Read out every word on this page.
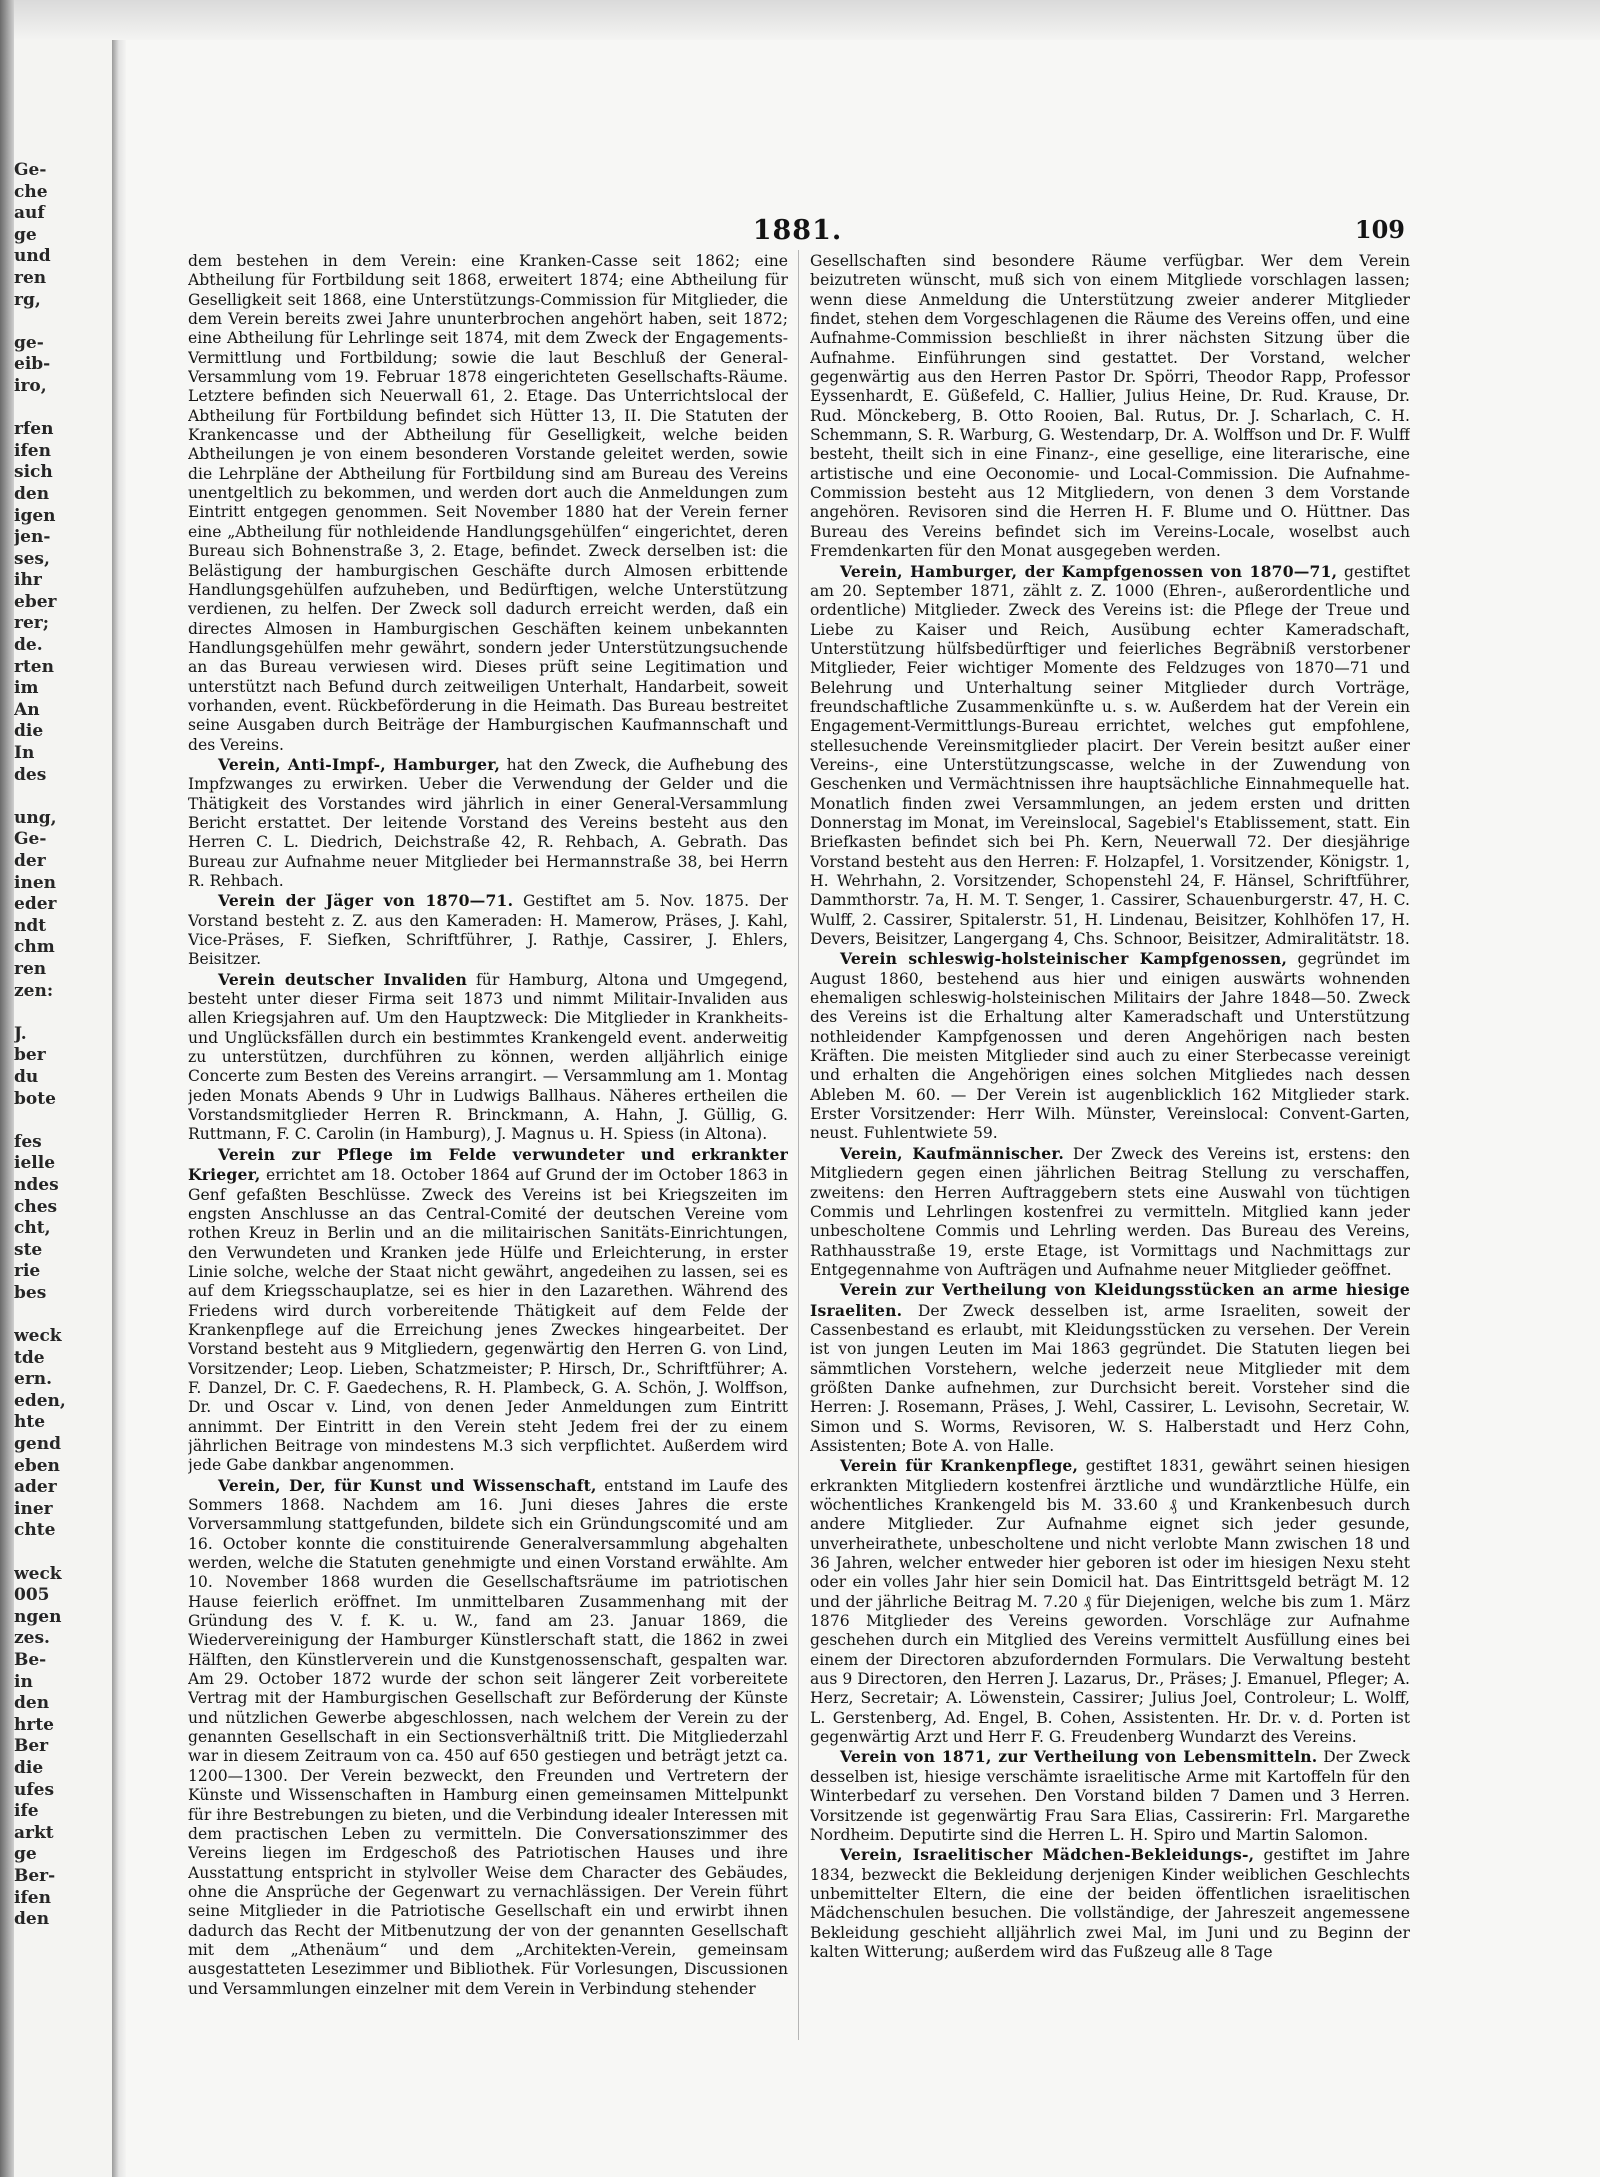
Ge-
che
auf
ge
und
ren
rg,

ge-
eib-
iro,

rfen
ifen
sich
den
igen
jen-
ses,
ihr
eber
rer;
de.
rten
im
An
die
In
des

ung,
Ge-
der
inen
eder
ndt
chm
ren
zen:

J.
ber
du
bote

fes
ielle
ndes
ches
cht,
ste
rie
bes

weck
tde
ern.
eden,
hte
gend
eben
ader
iner
chte

weck
005
ngen
zes.
Be-
in
den
hrte
Ber
die
ufes
ife
arkt
ge
Ber-
ifen
den
1881.	109

dem bestehen in dem Verein: eine Kranken-Casse seit 1862; eine Abtheilung für Fortbildung seit 1868, erweitert 1874; eine Abtheilung für Geselligkeit seit 1868, eine Unterstützungs-Commission für Mitglieder, die dem Verein bereits zwei Jahre ununterbrochen angehört haben, seit 1872; eine Abtheilung für Lehrlinge seit 1874, mit dem Zweck der Engagements-Vermittlung und Fortbildung; sowie die laut Beschluß der General-Versammlung vom 19. Februar 1878 eingerichteten Gesellschafts-Räume. Letztere befinden sich Neuerwall 61, 2. Etage. Das Unterrichtslocal der Abtheilung für Fortbildung befindet sich Hütter 13, II. Die Statuten der Krankencasse und der Abtheilung für Geselligkeit, welche beiden Abtheilungen je von einem besonderen Vorstande geleitet werden, sowie die Lehrpläne der Abtheilung für Fortbildung sind am Bureau des Vereins unentgeltlich zu bekommen, und werden dort auch die Anmeldungen zum Eintritt entgegen genommen. Seit November 1880 hat der Verein ferner eine „Abtheilung für nothleidende Handlungsgehülfen“ eingerichtet, deren Bureau sich Bohnenstraße 3, 2. Etage, befindet. Zweck derselben ist: die Belästigung der hamburgischen Geschäfte durch Almosen erbittende Handlungsgehülfen aufzuheben, und Bedürftigen, welche Unterstützung verdienen, zu helfen. Der Zweck soll dadurch erreicht werden, daß ein directes Almosen in Hamburgischen Geschäften keinem unbekannten Handlungsgehülfen mehr gewährt, sondern jeder Unterstützungsuchende an das Bureau verwiesen wird. Dieses prüft seine Legitimation und unterstützt nach Befund durch zeitweiligen Unterhalt, Handarbeit, soweit vorhanden, event. Rückbeförderung in die Heimath. Das Bureau bestreitet seine Ausgaben durch Beiträge der Hamburgischen Kaufmannschaft und des Vereins.

Verein, Anti-Impf-, Hamburger, hat den Zweck, die Aufhebung des Impfzwanges zu erwirken. Ueber die Verwendung der Gelder und die Thätigkeit des Vorstandes wird jährlich in einer General-Versammlung Bericht erstattet. Der leitende Vorstand des Vereins besteht aus den Herren C. L. Diedrich, Deichstraße 42, R. Rehbach, A. Gebrath. Das Bureau zur Aufnahme neuer Mitglieder bei Hermannstraße 38, bei Herrn R. Rehbach.

Verein der Jäger von 1870—71. Gestiftet am 5. Nov. 1875. Der Vorstand besteht z. Z. aus den Kameraden: H. Mamerow, Präses, J. Kahl, Vice-Präses, F. Siefken, Schriftführer, J. Rathje, Cassirer, J. Ehlers, Beisitzer.

Verein deutscher Invaliden für Hamburg, Altona und Umgegend, besteht unter dieser Firma seit 1873 und nimmt Militair-Invaliden aus allen Kriegsjahren auf. Um den Hauptzweck: Die Mitglieder in Krankheits- und Unglücksfällen durch ein bestimmtes Krankengeld event. anderweitig zu unterstützen, durchführen zu können, werden alljährlich einige Concerte zum Besten des Vereins arrangirt. — Versammlung am 1. Montag jeden Monats Abends 9 Uhr in Ludwigs Ballhaus. Näheres ertheilen die Vorstandsmitglieder Herren R. Brinckmann, A. Hahn, J. Güllig, G. Ruttmann, F. C. Carolin (in Hamburg), J. Magnus u. H. Spiess (in Altona).

Verein zur Pflege im Felde verwundeter und erkrankter Krieger, errichtet am 18. October 1864 auf Grund der im October 1863 in Genf gefaßten Beschlüsse. Zweck des Vereins ist bei Kriegszeiten im engsten Anschlusse an das Central-Comité der deutschen Vereine vom rothen Kreuz in Berlin und an die militairischen Sanitäts-Einrichtungen, den Verwundeten und Kranken jede Hülfe und Erleichterung, in erster Linie solche, welche der Staat nicht gewährt, angedeihen zu lassen, sei es auf dem Kriegsschauplatze, sei es hier in den Lazarethen. Während des Friedens wird durch vorbereitende Thätigkeit auf dem Felde der Krankenpflege auf die Erreichung jenes Zweckes hingearbeitet. Der Vorstand besteht aus 9 Mitgliedern, gegenwärtig den Herren G. von Lind, Vorsitzender; Leop. Lieben, Schatzmeister; P. Hirsch, Dr., Schriftführer; A. F. Danzel, Dr. C. F. Gaedechens, R. H. Plambeck, G. A. Schön, J. Wolffson, Dr. und Oscar v. Lind, von denen Jeder Anmeldungen zum Eintritt annimmt. Der Eintritt in den Verein steht Jedem frei der zu einem jährlichen Beitrage von mindestens M.3 sich verpflichtet. Außerdem wird jede Gabe dankbar angenommen.

Verein, Der, für Kunst und Wissenschaft, entstand im Laufe des Sommers 1868. Nachdem am 16. Juni dieses Jahres die erste Vorversammlung stattgefunden, bildete sich ein Gründungscomité und am 16. October konnte die constituirende Generalversammlung abgehalten werden, welche die Statuten genehmigte und einen Vorstand erwählte. Am 10. November 1868 wurden die Gesellschaftsräume im patriotischen Hause feierlich eröffnet. Im unmittelbaren Zusammenhang mit der Gründung des V. f. K. u. W., fand am 23. Januar 1869, die Wiedervereinigung der Hamburger Künstlerschaft statt, die 1862 in zwei Hälften, den Künstlerverein und die Kunstgenossenschaft, gespalten war. Am 29. October 1872 wurde der schon seit längerer Zeit vorbereitete Vertrag mit der Hamburgischen Gesellschaft zur Beförderung der Künste und nützlichen Gewerbe abgeschlossen, nach welchem der Verein zu der genannten Gesellschaft in ein Sectionsverhältniß tritt. Die Mitgliederzahl war in diesem Zeitraum von ca. 450 auf 650 gestiegen und beträgt jetzt ca. 1200—1300. Der Verein bezweckt, den Freunden und Vertretern der Künste und Wissenschaften in Hamburg einen gemeinsamen Mittelpunkt für ihre Bestrebungen zu bieten, und die Verbindung idealer Interessen mit dem practischen Leben zu vermitteln. Die Conversationszimmer des Vereins liegen im Erdgeschoß des Patriotischen Hauses und ihre Ausstattung entspricht in stylvoller Weise dem Character des Gebäudes, ohne die Ansprüche der Gegenwart zu vernachlässigen. Der Verein führt seine Mitglieder in die Patriotische Gesellschaft ein und erwirbt ihnen dadurch das Recht der Mitbenutzung der von der genannten Gesellschaft mit dem „Athenäum“ und dem „Architekten-Verein, gemeinsam ausgestatteten Lesezimmer und Bibliothek. Für Vorlesungen, Discussionen und Versammlungen einzelner mit dem Verein in Verbindung stehender

Gesellschaften sind besondere Räume verfügbar. Wer dem Verein beizutreten wünscht, muß sich von einem Mitgliede vorschlagen lassen; wenn diese Anmeldung die Unterstützung zweier anderer Mitglieder findet, stehen dem Vorgeschlagenen die Räume des Vereins offen, und eine Aufnahme-Commission beschließt in ihrer nächsten Sitzung über die Aufnahme. Einführungen sind gestattet. Der Vorstand, welcher gegenwärtig aus den Herren Pastor Dr. Spörri, Theodor Rapp, Professor Eyssenhardt, E. Güßefeld, C. Hallier, Julius Heine, Dr. Rud. Krause, Dr. Rud. Mönckeberg, B. Otto Rooien, Bal. Rutus, Dr. J. Scharlach, C. H. Schemmann, S. R. Warburg, G. Westendarp, Dr. A. Wolffson und Dr. F. Wulff besteht, theilt sich in eine Finanz-, eine gesellige, eine literarische, eine artistische und eine Oeconomie- und Local-Commission. Die Aufnahme-Commission besteht aus 12 Mitgliedern, von denen 3 dem Vorstande angehören. Revisoren sind die Herren H. F. Blume und O. Hüttner. Das Bureau des Vereins befindet sich im Vereins-Locale, woselbst auch Fremdenkarten für den Monat ausgegeben werden.

Verein, Hamburger, der Kampfgenossen von 1870—71, gestiftet am 20. September 1871, zählt z. Z. 1000 (Ehren-, außerordentliche und ordentliche) Mitglieder. Zweck des Vereins ist: die Pflege der Treue und Liebe zu Kaiser und Reich, Ausübung echter Kameradschaft, Unterstützung hülfsbedürftiger und feierliches Begräbniß verstorbener Mitglieder, Feier wichtiger Momente des Feldzuges von 1870—71 und Belehrung und Unterhaltung seiner Mitglieder durch Vorträge, freundschaftliche Zusammenkünfte u. s. w. Außerdem hat der Verein ein Engagement-Vermittlungs-Bureau errichtet, welches gut empfohlene, stellesuchende Vereinsmitglieder placirt. Der Verein besitzt außer einer Vereins-, eine Unterstützungscasse, welche in der Zuwendung von Geschenken und Vermächtnissen ihre hauptsächliche Einnahmequelle hat. Monatlich finden zwei Versammlungen, an jedem ersten und dritten Donnerstag im Monat, im Vereinslocal, Sagebiel's Etablissement, statt. Ein Briefkasten befindet sich bei Ph. Kern, Neuerwall 72. Der diesjährige Vorstand besteht aus den Herren: F. Holzapfel, 1. Vorsitzender, Königstr. 1, H. Wehrhahn, 2. Vorsitzender, Schopenstehl 24, F. Hänsel, Schriftführer, Dammthorstr. 7a, H. M. T. Senger, 1. Cassirer, Schauenburgerstr. 47, H. C. Wulff, 2. Cassirer, Spitalerstr. 51, H. Lindenau, Beisitzer, Kohlhöfen 17, H. Devers, Beisitzer, Langergang 4, Chs. Schnoor, Beisitzer, Admiralitätstr. 18.

Verein schleswig-holsteinischer Kampfgenossen, gegründet im August 1860, bestehend aus hier und einigen auswärts wohnenden ehemaligen schleswig-holsteinischen Militairs der Jahre 1848—50. Zweck des Vereins ist die Erhaltung alter Kameradschaft und Unterstützung nothleidender Kampfgenossen und deren Angehörigen nach besten Kräften. Die meisten Mitglieder sind auch zu einer Sterbecasse vereinigt und erhalten die Angehörigen eines solchen Mitgliedes nach dessen Ableben M. 60. — Der Verein ist augenblicklich 162 Mitglieder stark. Erster Vorsitzender: Herr Wilh. Münster, Vereinslocal: Convent-Garten, neust. Fuhlentwiete 59.

Verein, Kaufmännischer. Der Zweck des Vereins ist, erstens: den Mitgliedern gegen einen jährlichen Beitrag Stellung zu verschaffen, zweitens: den Herren Auftraggebern stets eine Auswahl von tüchtigen Commis und Lehrlingen kostenfrei zu vermitteln. Mitglied kann jeder unbescholtene Commis und Lehrling werden. Das Bureau des Vereins, Rathhausstraße 19, erste Etage, ist Vormittags und Nachmittags zur Entgegennahme von Aufträgen und Aufnahme neuer Mitglieder geöffnet.

Verein zur Vertheilung von Kleidungsstücken an arme hiesige Israeliten. Der Zweck desselben ist, arme Israeliten, soweit der Cassenbestand es erlaubt, mit Kleidungsstücken zu versehen. Der Verein ist von jungen Leuten im Mai 1863 gegründet. Die Statuten liegen bei sämmtlichen Vorstehern, welche jederzeit neue Mitglieder mit dem größten Danke aufnehmen, zur Durchsicht bereit. Vorsteher sind die Herren: J. Rosemann, Präses, J. Wehl, Cassirer, L. Levisohn, Secretair, W. Simon und S. Worms, Revisoren, W. S. Halberstadt und Herz Cohn, Assistenten; Bote A. von Halle.

Verein für Krankenpflege, gestiftet 1831, gewährt seinen hiesigen erkrankten Mitgliedern kostenfrei ärztliche und wundärztliche Hülfe, ein wöchentliches Krankengeld bis M. 33.60 ₰ und Krankenbesuch durch andere Mitglieder. Zur Aufnahme eignet sich jeder gesunde, unverheirathete, unbescholtene und nicht verlobte Mann zwischen 18 und 36 Jahren, welcher entweder hier geboren ist oder im hiesigen Nexu steht oder ein volles Jahr hier sein Domicil hat. Das Eintrittsgeld beträgt M. 12 und der jährliche Beitrag M. 7.20 ₰ für Diejenigen, welche bis zum 1. März 1876 Mitglieder des Vereins geworden. Vorschläge zur Aufnahme geschehen durch ein Mitglied des Vereins vermittelt Ausfüllung eines bei einem der Directoren abzufordernden Formulars. Die Verwaltung besteht aus 9 Directoren, den Herren J. Lazarus, Dr., Präses; J. Emanuel, Pfleger; A. Herz, Secretair; A. Löwenstein, Cassirer; Julius Joel, Controleur; L. Wolff, L. Gerstenberg, Ad. Engel, B. Cohen, Assistenten. Hr. Dr. v. d. Porten ist gegenwärtig Arzt und Herr F. G. Freudenberg Wundarzt des Vereins.

Verein von 1871, zur Vertheilung von Lebensmitteln. Der Zweck desselben ist, hiesige verschämte israelitische Arme mit Kartoffeln für den Winterbedarf zu versehen. Den Vorstand bilden 7 Damen und 3 Herren. Vorsitzende ist gegenwärtig Frau Sara Elias, Cassirerin: Frl. Margarethe Nordheim. Deputirte sind die Herren L. H. Spiro und Martin Salomon.

Verein, Israelitischer Mädchen-Bekleidungs-, gestiftet im Jahre 1834, bezweckt die Bekleidung derjenigen Kinder weiblichen Geschlechts unbemittelter Eltern, die eine der beiden öffentlichen israelitischen Mädchenschulen besuchen. Die vollständige, der Jahreszeit angemessene Bekleidung geschieht alljährlich zwei Mal, im Juni und zu Beginn der kalten Witterung; außerdem wird das Fußzeug alle 8 Tage
